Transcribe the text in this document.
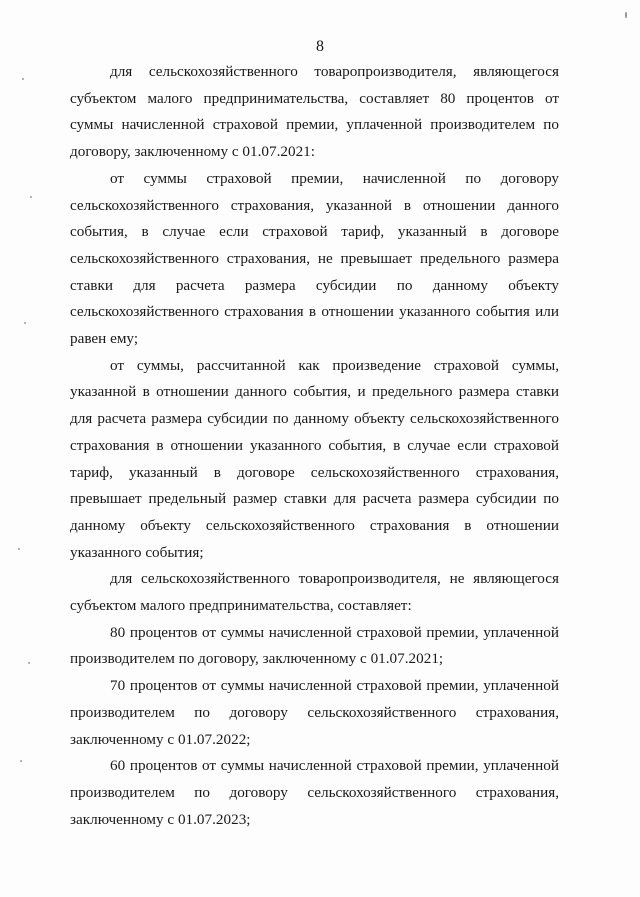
8

для сельскохозяйственного товаропроизводителя, являющегося субъектом малого предпринимательства, составляет 80 процентов от суммы начисленной страховой премии, уплаченной производителем по договору, заключенному с 01.07.2021:

от суммы страховой премии, начисленной по договору сельскохозяйственного страхования, указанной в отношении данного события, в случае если страховой тариф, указанный в договоре сельскохозяйственного страхования, не превышает предельного размера ставки для расчета размера субсидии по данному объекту сельскохозяйственного страхования в отношении указанного события или равен ему;

от суммы, рассчитанной как произведение страховой суммы, указанной в отношении данного события, и предельного размера ставки для расчета размера субсидии по данному объекту сельскохозяйственного страхования в отношении указанного события, в случае если страховой тариф, указанный в договоре сельскохозяйственного страхования, превышает предельный размер ставки для расчета размера субсидии по данному объекту сельскохозяйственного страхования в отношении указанного события;

для сельскохозяйственного товаропроизводителя, не являющегося субъектом малого предпринимательства, составляет:

80 процентов от суммы начисленной страховой премии, уплаченной производителем по договору, заключенному с 01.07.2021;

70 процентов от суммы начисленной страховой премии, уплаченной производителем по договору сельскохозяйственного страхования, заключенному с 01.07.2022;

60 процентов от суммы начисленной страховой премии, уплаченной производителем по договору сельскохозяйственного страхования, заключенному с 01.07.2023;
